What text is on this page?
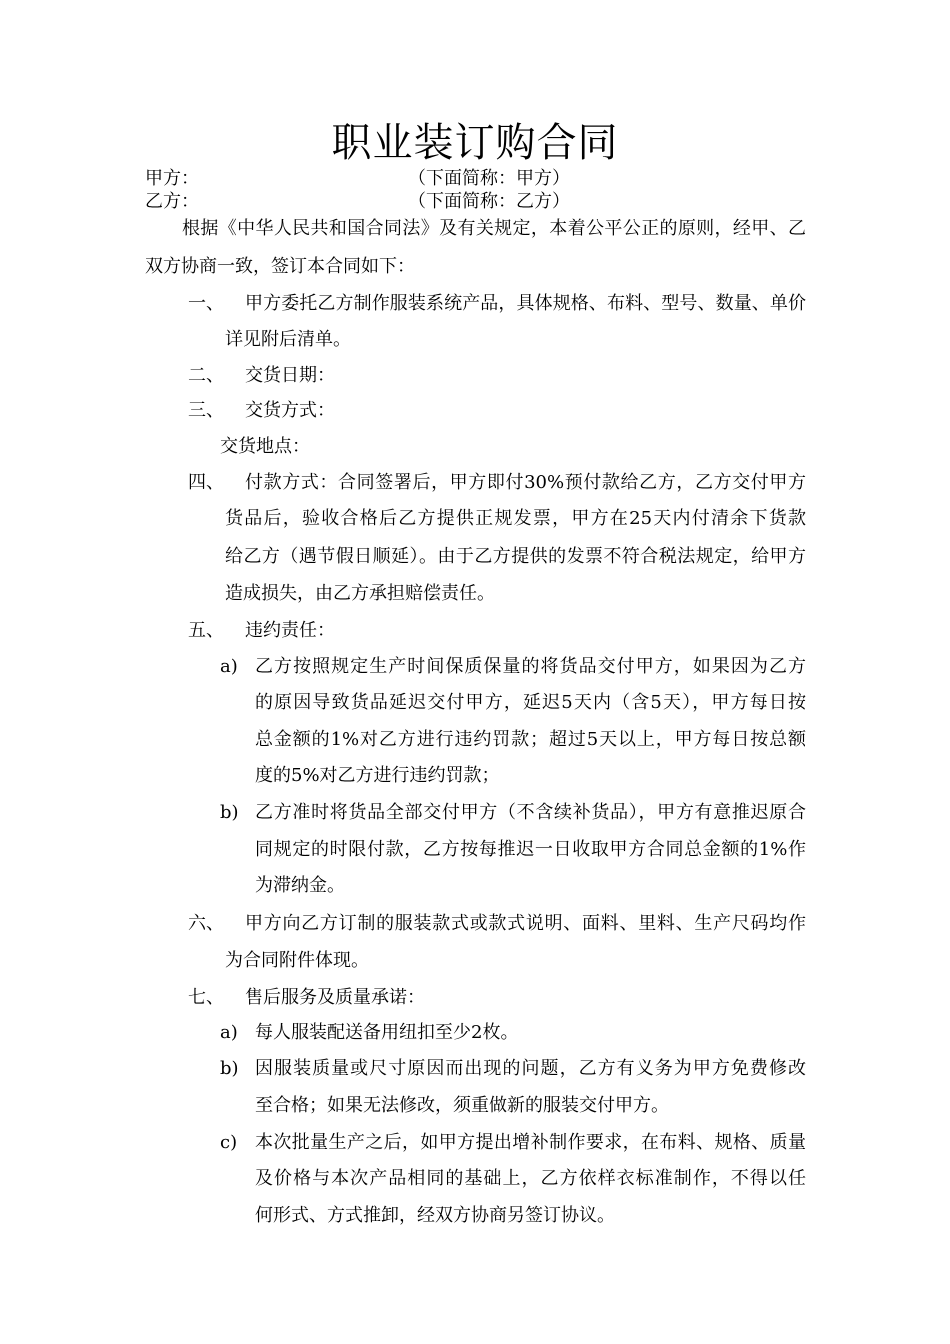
职业装订购合同
甲方：	（下面简称：甲方）
乙方：	（下面简称：乙方）
根据《中华人民共和国合同法》及有关规定，本着公平公正的原则，经甲、乙
双方协商一致，签订本合同如下：
一、 甲方委托乙方制作服装系统产品，具体规格、布料、型号、数量、单价
详见附后清单。
二、 交货日期：
三、 交货方式：
交货地点：
四、 付款方式：合同签署后，甲方即付30%预付款给乙方，乙方交付甲方
货品后，验收合格后乙方提供正规发票，甲方在25天内付清余下货款
给乙方（遇节假日顺延）。由于乙方提供的发票不符合税法规定，给甲方
造成损失，由乙方承担赔偿责任。
五、 违约责任：
a) 乙方按照规定生产时间保质保量的将货品交付甲方，如果因为乙方
的原因导致货品延迟交付甲方，延迟5天内（含5天），甲方每日按
总金额的1%对乙方进行违约罚款；超过5天以上，甲方每日按总额
度的5%对乙方进行违约罚款；
b) 乙方准时将货品全部交付甲方（不含续补货品），甲方有意推迟原合
同规定的时限付款，乙方按每推迟一日收取甲方合同总金额的1%作
为滞纳金。
六、 甲方向乙方订制的服装款式或款式说明、面料、里料、生产尺码均作
为合同附件体现。
七、 售后服务及质量承诺：
a) 每人服装配送备用纽扣至少2枚。
b) 因服装质量或尺寸原因而出现的问题，乙方有义务为甲方免费修改
至合格；如果无法修改，须重做新的服装交付甲方。
c) 本次批量生产之后，如甲方提出增补制作要求，在布料、规格、质量
及价格与本次产品相同的基础上，乙方依样衣标准制作，不得以任
何形式、方式推卸，经双方协商另签订协议。
